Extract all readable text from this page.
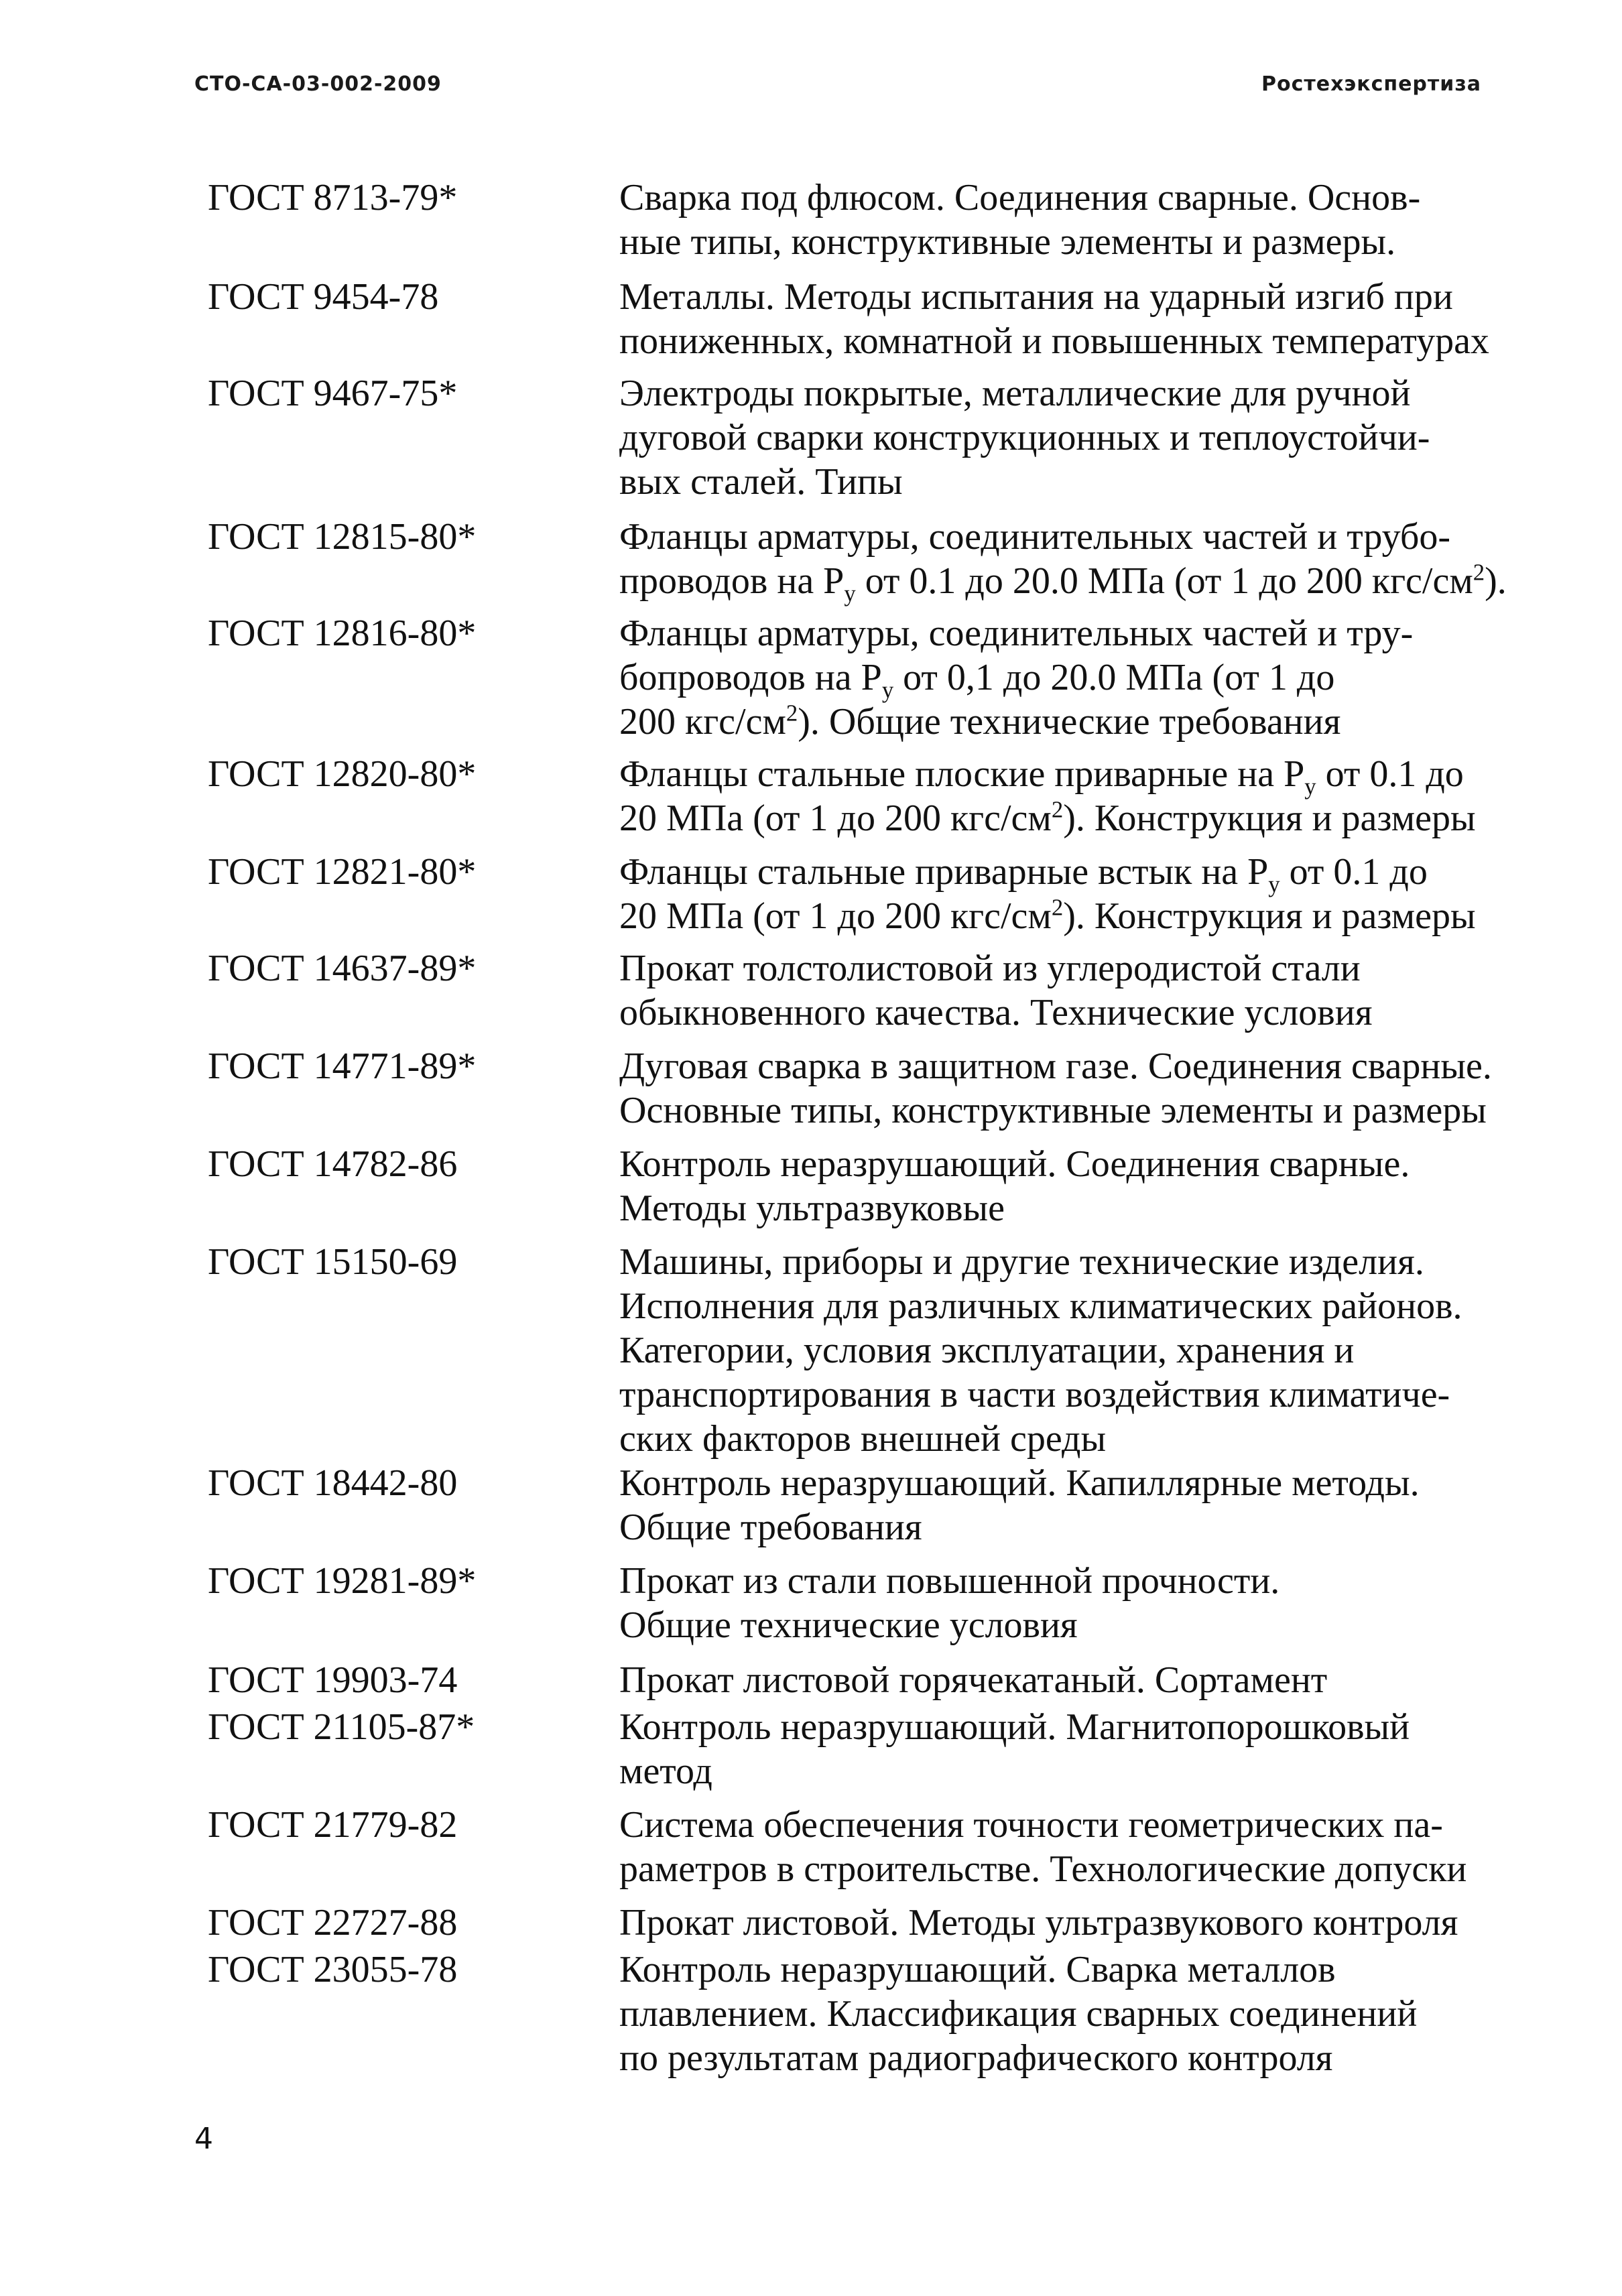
СТО-СА-03-002-2009	Ростехэкспертиза
ГОСТ 8713-79*	Сварка под флюсом. Соединения сварные. Основ-
ные типы, конструктивные элементы и размеры.
ГОСТ 9454-78	Металлы. Методы испытания на ударный изгиб при
пониженных, комнатной и повышенных температурах
ГОСТ 9467-75*	Электроды покрытые, металлические для ручной
дуговой сварки конструкционных и теплоустойчи-
вых сталей. Типы
ГОСТ 12815-80*	Фланцы арматуры, соединительных частей и трубо-
проводов на $P_y$ от 0.1 до 20.0 МПа (от 1 до 200 кгс/$см^2$).
ГОСТ 12816-80*	Фланцы арматуры, соединительных частей и тру-
бопроводов на $P_y$ от 0,1 до 20.0 МПа (от 1 до
200 кгс/$см^2$). Общие технические требования
ГОСТ 12820-80*	Фланцы стальные плоские приварные на $P_y$ от 0.1 до
20 МПа (от 1 до 200 кгс/$см^2$). Конструкция и размеры
ГОСТ 12821-80*	Фланцы стальные приварные встык на $P_y$ от 0.1 до
20 МПа (от 1 до 200 кгс/$см^2$). Конструкция и размеры
ГОСТ 14637-89*	Прокат толстолистовой из углеродистой стали
обыкновенного качества. Технические условия
ГОСТ 14771-89*	Дуговая сварка в защитном газе. Соединения сварные.
Основные типы, конструктивные элементы и размеры
ГОСТ 14782-86	Контроль неразрушающий. Соединения сварные.
Методы ультразвуковые
ГОСТ 15150-69	Машины, приборы и другие технические изделия.
Исполнения для различных климатических районов.
Категории, условия эксплуатации, хранения и
транспортирования в части воздействия климатиче-
ских факторов внешней среды
ГОСТ 18442-80	Контроль неразрушающий. Капиллярные методы.
Общие требования
ГОСТ 19281-89*	Прокат из стали повышенной прочности.
Общие технические условия
ГОСТ 19903-74	Прокат листовой горячекатаный. Сортамент
ГОСТ 21105-87*	Контроль неразрушающий. Магнитопорошковый
метод
ГОСТ 21779-82	Система обеспечения точности геометрических па-
раметров в строительстве. Технологические допуски
ГОСТ 22727-88	Прокат листовой. Методы ультразвукового контроля
ГОСТ 23055-78	Контроль неразрушающий. Сварка металлов
плавлением. Классификация сварных соединений
по результатам радиографического контроля
4
